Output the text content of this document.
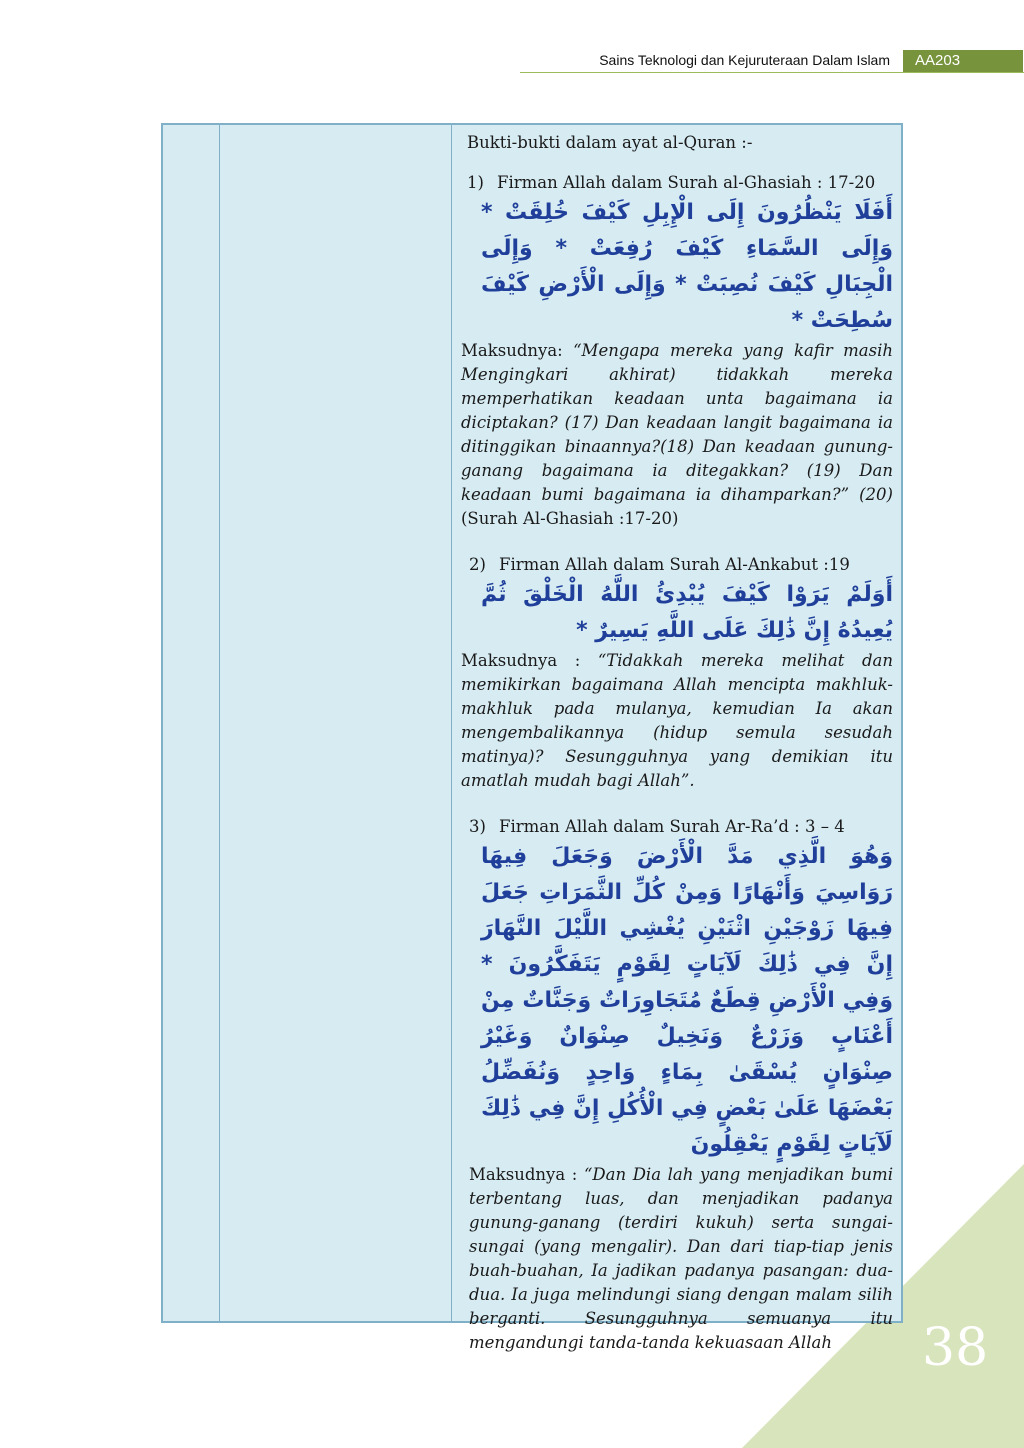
Sains Teknologi dan Kejuruteraan Dalam Islam	AA203
38

Bukti-bukti dalam ayat al-Quran :-

1) Firman Allah dalam Surah al-Ghasiah : 17-20

أَفَلَا يَنْظُرُونَ إِلَى الْإِبِلِ كَيْفَ خُلِقَتْ * وَإِلَى السَّمَاءِ كَيْفَ رُفِعَتْ * وَإِلَى الْجِبَالِ كَيْفَ نُصِبَتْ * وَإِلَى الْأَرْضِ كَيْفَ سُطِحَتْ *

Maksudnya: “Mengapa mereka yang kafir masih Mengingkari akhirat) tidakkah mereka memperhatikan keadaan unta bagaimana ia diciptakan? (17) Dan keadaan langit bagaimana ia ditinggikan binaannya?(18) Dan keadaan gunung-ganang bagaimana ia ditegakkan? (19) Dan keadaan bumi bagaimana ia dihamparkan?” (20) (Surah Al-Ghasiah :17-20)

2) Firman Allah dalam Surah Al-Ankabut :19

أَوَلَمْ يَرَوْا كَيْفَ يُبْدِئُ اللَّهُ الْخَلْقَ ثُمَّ يُعِيدُهُ إِنَّ ذَٰلِكَ عَلَى اللَّهِ يَسِيرٌ *

Maksudnya : “Tidakkah mereka melihat dan memikirkan bagaimana Allah mencipta makhluk-makhluk pada mulanya, kemudian Ia akan mengembalikannya (hidup semula sesudah matinya)? Sesungguhnya yang demikian itu amatlah mudah bagi Allah”.

3) Firman Allah dalam Surah Ar-Ra’d : 3 – 4

وَهُوَ الَّذِي مَدَّ الْأَرْضَ وَجَعَلَ فِيهَا رَوَاسِيَ وَأَنْهَارًا وَمِنْ كُلِّ الثَّمَرَاتِ جَعَلَ فِيهَا زَوْجَيْنِ اثْنَيْنِ يُغْشِي اللَّيْلَ النَّهَارَ إِنَّ فِي ذَٰلِكَ لَآيَاتٍ لِقَوْمٍ يَتَفَكَّرُونَ * وَفِي الْأَرْضِ قِطَعٌ مُتَجَاوِرَاتٌ وَجَنَّاتٌ مِنْ أَعْنَابٍ وَزَرْعٌ وَنَخِيلٌ صِنْوَانٌ وَغَيْرُ صِنْوَانٍ يُسْقَىٰ بِمَاءٍ وَاحِدٍ وَنُفَضِّلُ بَعْضَهَا عَلَىٰ بَعْضٍ فِي الْأُكُلِ إِنَّ فِي ذَٰلِكَ لَآيَاتٍ لِقَوْمٍ يَعْقِلُونَ

Maksudnya : “Dan Dia lah yang menjadikan bumi terbentang luas, dan menjadikan padanya gunung-ganang (terdiri kukuh) serta sungai-sungai (yang mengalir). Dan dari tiap-tiap jenis buah-buahan, Ia jadikan padanya pasangan: dua-dua. Ia juga melindungi siang dengan malam silih berganti. Sesungguhnya semuanya itu mengandungi tanda-tanda kekuasaan Allah
